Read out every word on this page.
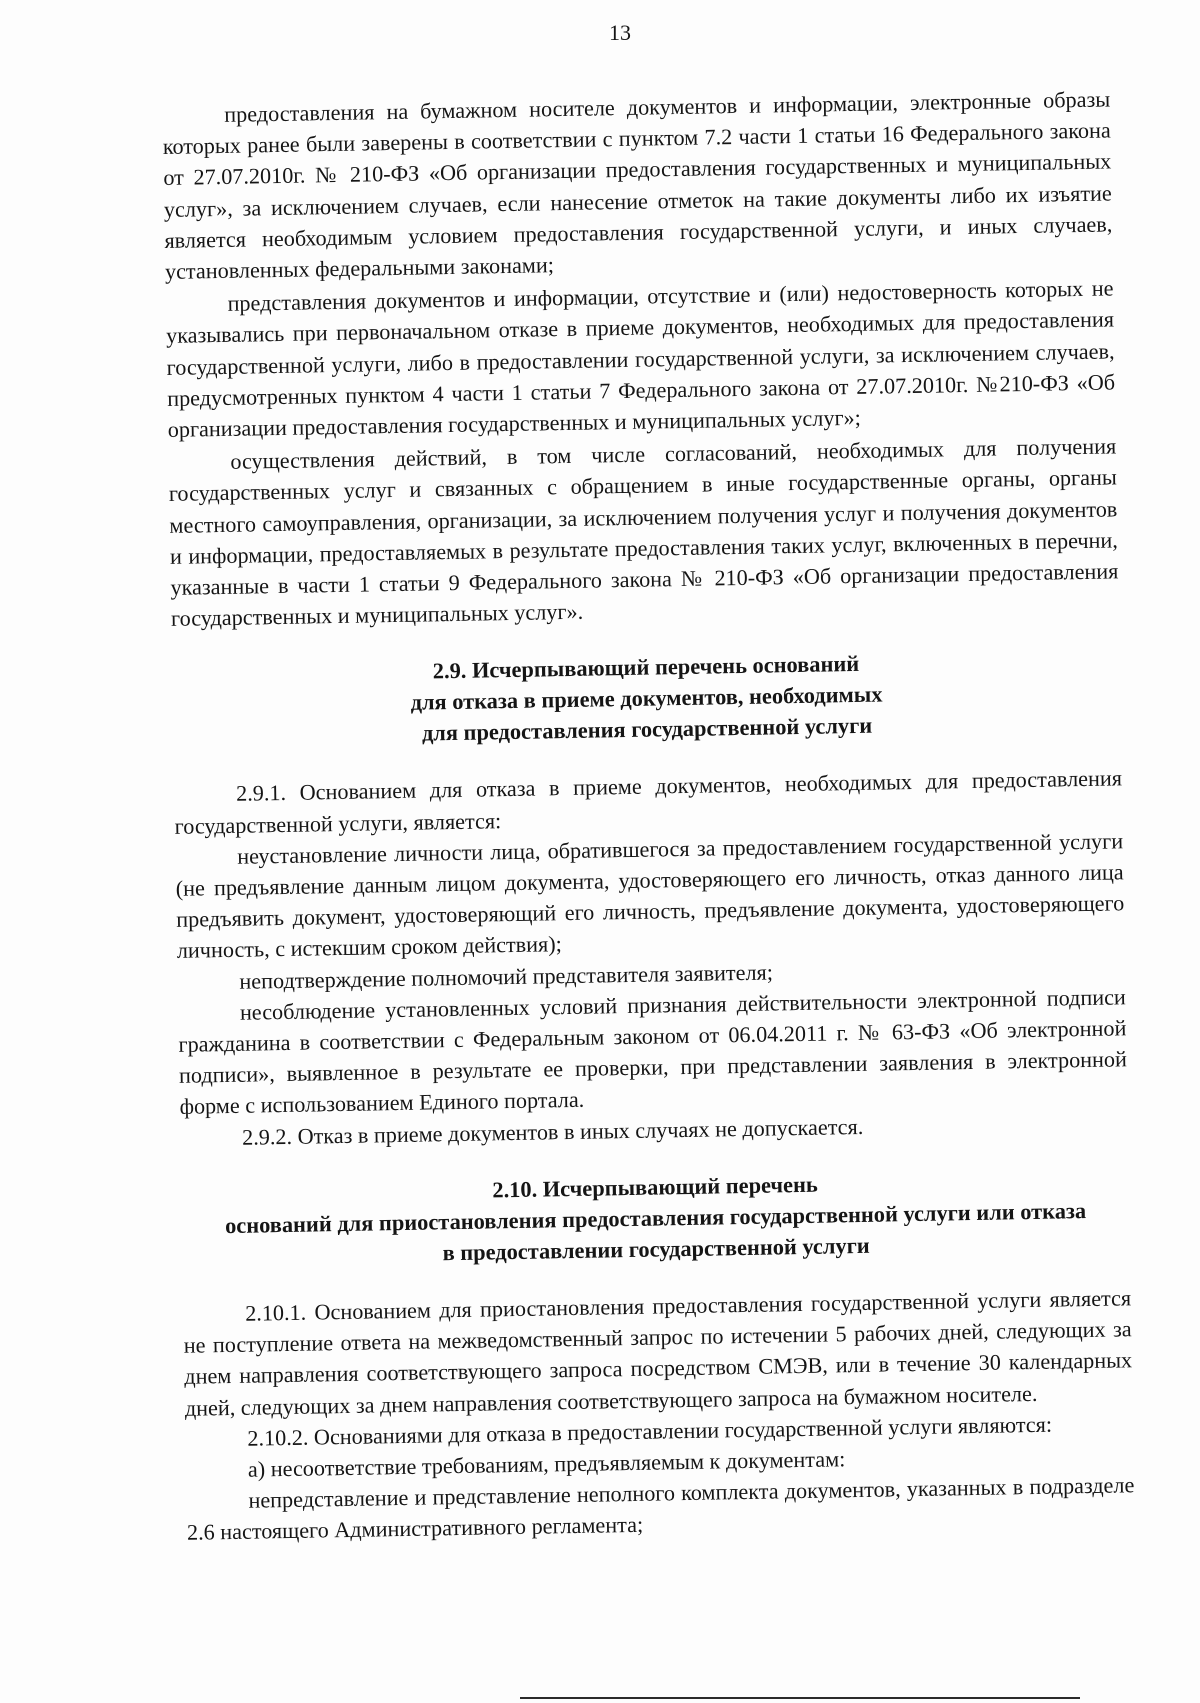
13

предоставления на бумажном носителе документов и информации, электронные образы которых ранее были заверены в соответствии с пунктом 7.2 части 1 статьи 16 Федерального закона от 27.07.2010г. № 210-ФЗ «Об организации предоставления государственных и муниципальных услуг», за исключением случаев, если нанесение отметок на такие документы либо их изъятие является необходимым условием предоставления государственной услуги, и иных случаев, установленных федеральными законами;

представления документов и информации, отсутствие и (или) недостоверность которых не указывались при первоначальном отказе в приеме документов, необходимых для предоставления государственной услуги, либо в предоставлении государственной услуги, за исключением случаев, предусмотренных пунктом 4 части 1 статьи 7 Федерального закона от 27.07.2010г. №210-ФЗ «Об организации предоставления государственных и муниципальных услуг»;

осуществления действий, в том числе согласований, необходимых для получения государственных услуг и связанных с обращением в иные государственные органы, органы местного самоуправления, организации, за исключением получения услуг и получения документов и информации, предоставляемых в результате предоставления таких услуг, включенных в перечни, указанные в части 1 статьи 9 Федерального закона № 210-ФЗ «Об организации предоставления государственных и муниципальных услуг».

2.9. Исчерпывающий перечень оснований
для отказа в приеме документов, необходимых
для предоставления государственной услуги

2.9.1. Основанием для отказа в приеме документов, необходимых для предоставления государственной услуги, является:

неустановление личности лица, обратившегося за предоставлением государственной услуги (не предъявление данным лицом документа, удостоверяющего его личность, отказ данного лица предъявить документ, удостоверяющий его личность, предъявление документа, удостоверяющего личность, с истекшим сроком действия);

неподтверждение полномочий представителя заявителя;

несоблюдение установленных условий признания действительности электронной подписи гражданина в соответствии с Федеральным законом от 06.04.2011 г. № 63-ФЗ «Об электронной подписи», выявленное в результате ее проверки, при представлении заявления в электронной форме с использованием Единого портала.

2.9.2. Отказ в приеме документов в иных случаях не допускается.

2.10. Исчерпывающий перечень
оснований для приостановления предоставления государственной услуги или отказа
в предоставлении государственной услуги

2.10.1. Основанием для приостановления предоставления государственной услуги является не поступление ответа на межведомственный запрос по истечении 5 рабочих дней, следующих за днем направления соответствующего запроса посредством СМЭВ, или в течение 30 календарных дней, следующих за днем направления соответствующего запроса на бумажном носителе.

2.10.2. Основаниями для отказа в предоставлении государственной услуги являются:

а) несоответствие требованиям, предъявляемым к документам:

непредставление и представление неполного комплекта документов, указанных в подразделе 2.6 настоящего Административного регламента;
